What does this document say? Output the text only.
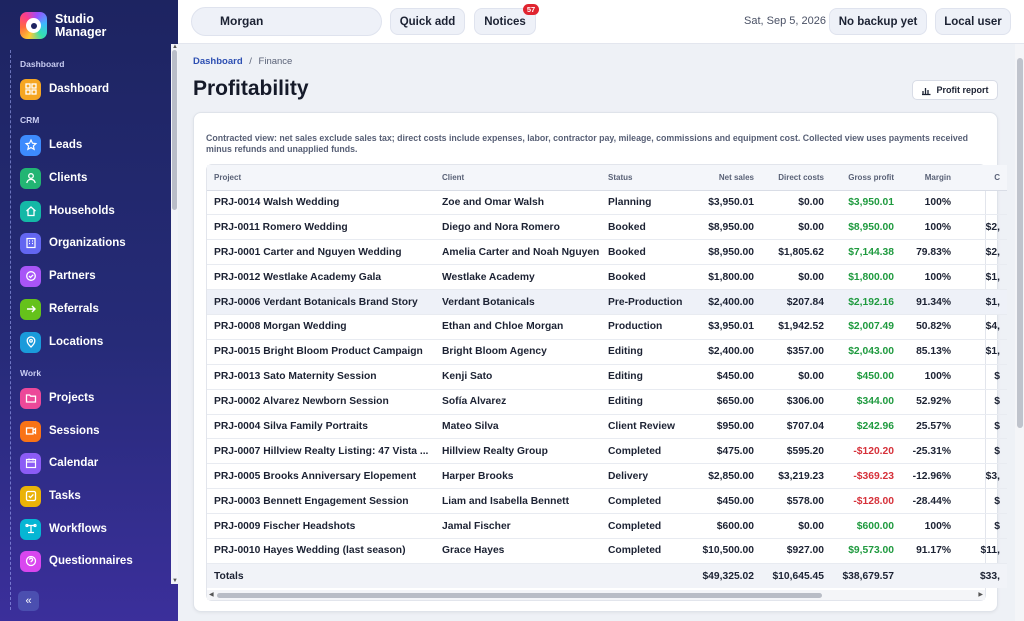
Studio
Manager
Dashboard
Dashboard
CRM
Leads
Clients
Households
Organizations
Partners
Referrals
Locations
Work
Projects
Sessions
Calendar
Tasks
Workflows
Questionnaires
«
▲
▼
Morgan	Quick add	Notices
57
Sat, Sep 5, 2026	No backup yet	Local user
Dashboard / Finance
Profitability	Profit report

Contracted view: net sales exclude sales tax; direct costs include expenses, labor, contractor pay, mileage, commissions and equipment cost. Collected view uses payments received minus refunds and unapplied funds.

Project	Client	Status	Net sales	Direct costs	Gross profit	Margin	C
PRJ-0014 Walsh Wedding	Zoe and Omar Walsh	Planning	$3,950.01	$0.00	$3,950.01	100%	
PRJ-0011 Romero Wedding	Diego and Nora Romero	Booked	$8,950.00	$0.00	$8,950.00	100%	$2,
PRJ-0001 Carter and Nguyen Wedding	Amelia Carter and Noah Nguyen	Booked	$8,950.00	$1,805.62	$7,144.38	79.83%	$2,
PRJ-0012 Westlake Academy Gala	Westlake Academy	Booked	$1,800.00	$0.00	$1,800.00	100%	$1,
PRJ-0006 Verdant Botanicals Brand Story	Verdant Botanicals	Pre-Production	$2,400.00	$207.84	$2,192.16	91.34%	$1,
PRJ-0008 Morgan Wedding	Ethan and Chloe Morgan	Production	$3,950.01	$1,942.52	$2,007.49	50.82%	$4,
PRJ-0015 Bright Bloom Product Campaign	Bright Bloom Agency	Editing	$2,400.00	$357.00	$2,043.00	85.13%	$1,
PRJ-0013 Sato Maternity Session	Kenji Sato	Editing	$450.00	$0.00	$450.00	100%	$
PRJ-0002 Alvarez Newborn Session	Sofía Alvarez	Editing	$650.00	$306.00	$344.00	52.92%	$
PRJ-0004 Silva Family Portraits	Mateo Silva	Client Review	$950.00	$707.04	$242.96	25.57%	$
PRJ-0007 Hillview Realty Listing: 47 Vista ...	Hillview Realty Group	Completed	$475.00	$595.20	-$120.20	-25.31%	$
PRJ-0005 Brooks Anniversary Elopement	Harper Brooks	Delivery	$2,850.00	$3,219.23	-$369.23	-12.96%	$3,
PRJ-0003 Bennett Engagement Session	Liam and Isabella Bennett	Completed	$450.00	$578.00	-$128.00	-28.44%	$
PRJ-0009 Fischer Headshots	Jamal Fischer	Completed	$600.00	$0.00	$600.00	100%	$
PRJ-0010 Hayes Wedding (last season)	Grace Hayes	Completed	$10,500.00	$927.00	$9,573.00	91.17%	$11,
Totals			$49,325.02	$10,645.45	$38,679.57		$33,
◀	▶
